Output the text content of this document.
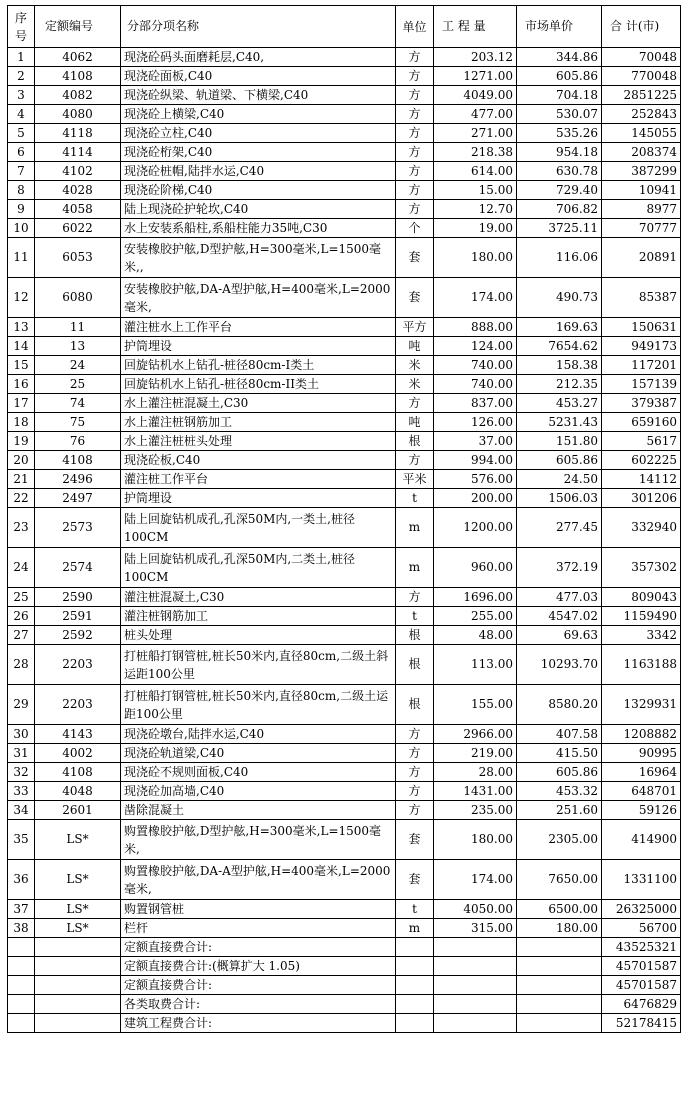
序号	定额编号	分部分项名称	单位	工 程 量	市场单价	合 计(市)
1	4062	现浇砼码头面磨耗层,C40,	方	203.12	344.86	70048
2	4108	现浇砼面板,C40	方	1271.00	605.86	770048
3	4082	现浇砼纵梁、轨道梁、下横梁,C40	方	4049.00	704.18	2851225
4	4080	现浇砼上横梁,C40	方	477.00	530.07	252843
5	4118	现浇砼立柱,C40	方	271.00	535.26	145055
6	4114	现浇砼桁架,C40	方	218.38	954.18	208374
7	4102	现浇砼桩帽,陆拌水运,C40	方	614.00	630.78	387299
8	4028	现浇砼阶梯,C40	方	15.00	729.40	10941
9	4058	陆上现浇砼护轮坎,C40	方	12.70	706.82	8977
10	6022	水上安装系船柱,系船柱能力35吨,C30	个	19.00	3725.11	70777
11	6053	安装橡胶护舷,D型护舷,H=300毫米,L=1500毫米,,	套	180.00	116.06	20891
12	6080	安装橡胶护舷,DA-A型护舷,H=400毫米,L=2000毫米,	套	174.00	490.73	85387
13	11	灌注桩水上工作平台	平方	888.00	169.63	150631
14	13	护筒埋设	吨	124.00	7654.62	949173
15	24	回旋钻机水上钻孔-桩径80cm-I类土	米	740.00	158.38	117201
16	25	回旋钻机水上钻孔-桩径80cm-II类土	米	740.00	212.35	157139
17	74	水上灌注桩混凝土,C30	方	837.00	453.27	379387
18	75	水上灌注桩钢筋加工	吨	126.00	5231.43	659160
19	76	水上灌注桩桩头处理	根	37.00	151.80	5617
20	4108	现浇砼板,C40	方	994.00	605.86	602225
21	2496	灌注桩工作平台	平米	576.00	24.50	14112
22	2497	护筒埋设	t	200.00	1506.03	301206
23	2573	陆上回旋钻机成孔,孔深50M内,一类土,桩径100CM	m	1200.00	277.45	332940
24	2574	陆上回旋钻机成孔,孔深50M内,二类土,桩径100CM	m	960.00	372.19	357302
25	2590	灌注桩混凝土,C30	方	1696.00	477.03	809043
26	2591	灌注桩钢筋加工	t	255.00	4547.02	1159490
27	2592	桩头处理	根	48.00	69.63	3342
28	2203	打桩船打钢管桩,桩长50米内,直径80cm,二级土斜运距100公里	根	113.00	10293.70	1163188
29	2203	打桩船打钢管桩,桩长50米内,直径80cm,二级土运距100公里	根	155.00	8580.20	1329931
30	4143	现浇砼墩台,陆拌水运,C40	方	2966.00	407.58	1208882
31	4002	现浇砼轨道梁,C40	方	219.00	415.50	90995
32	4108	现浇砼不规则面板,C40	方	28.00	605.86	16964
33	4048	现浇砼加高墙,C40	方	1431.00	453.32	648701
34	2601	凿除混凝土	方	235.00	251.60	59126
35	LS*	购置橡胶护舷,D型护舷,H=300毫米,L=1500毫米,	套	180.00	2305.00	414900
36	LS*	购置橡胶护舷,DA-A型护舷,H=400毫米,L=2000毫米,	套	174.00	7650.00	1331100
37	LS*	购置钢管桩	t	4050.00	6500.00	26325000
38	LS*	栏杆	m	315.00	180.00	56700
		定额直接费合计:				43525321
		定额直接费合计:(概算扩大 1.05)				45701587
		定额直接费合计:				45701587
		各类取费合计:				6476829
		建筑工程费合计:				52178415
